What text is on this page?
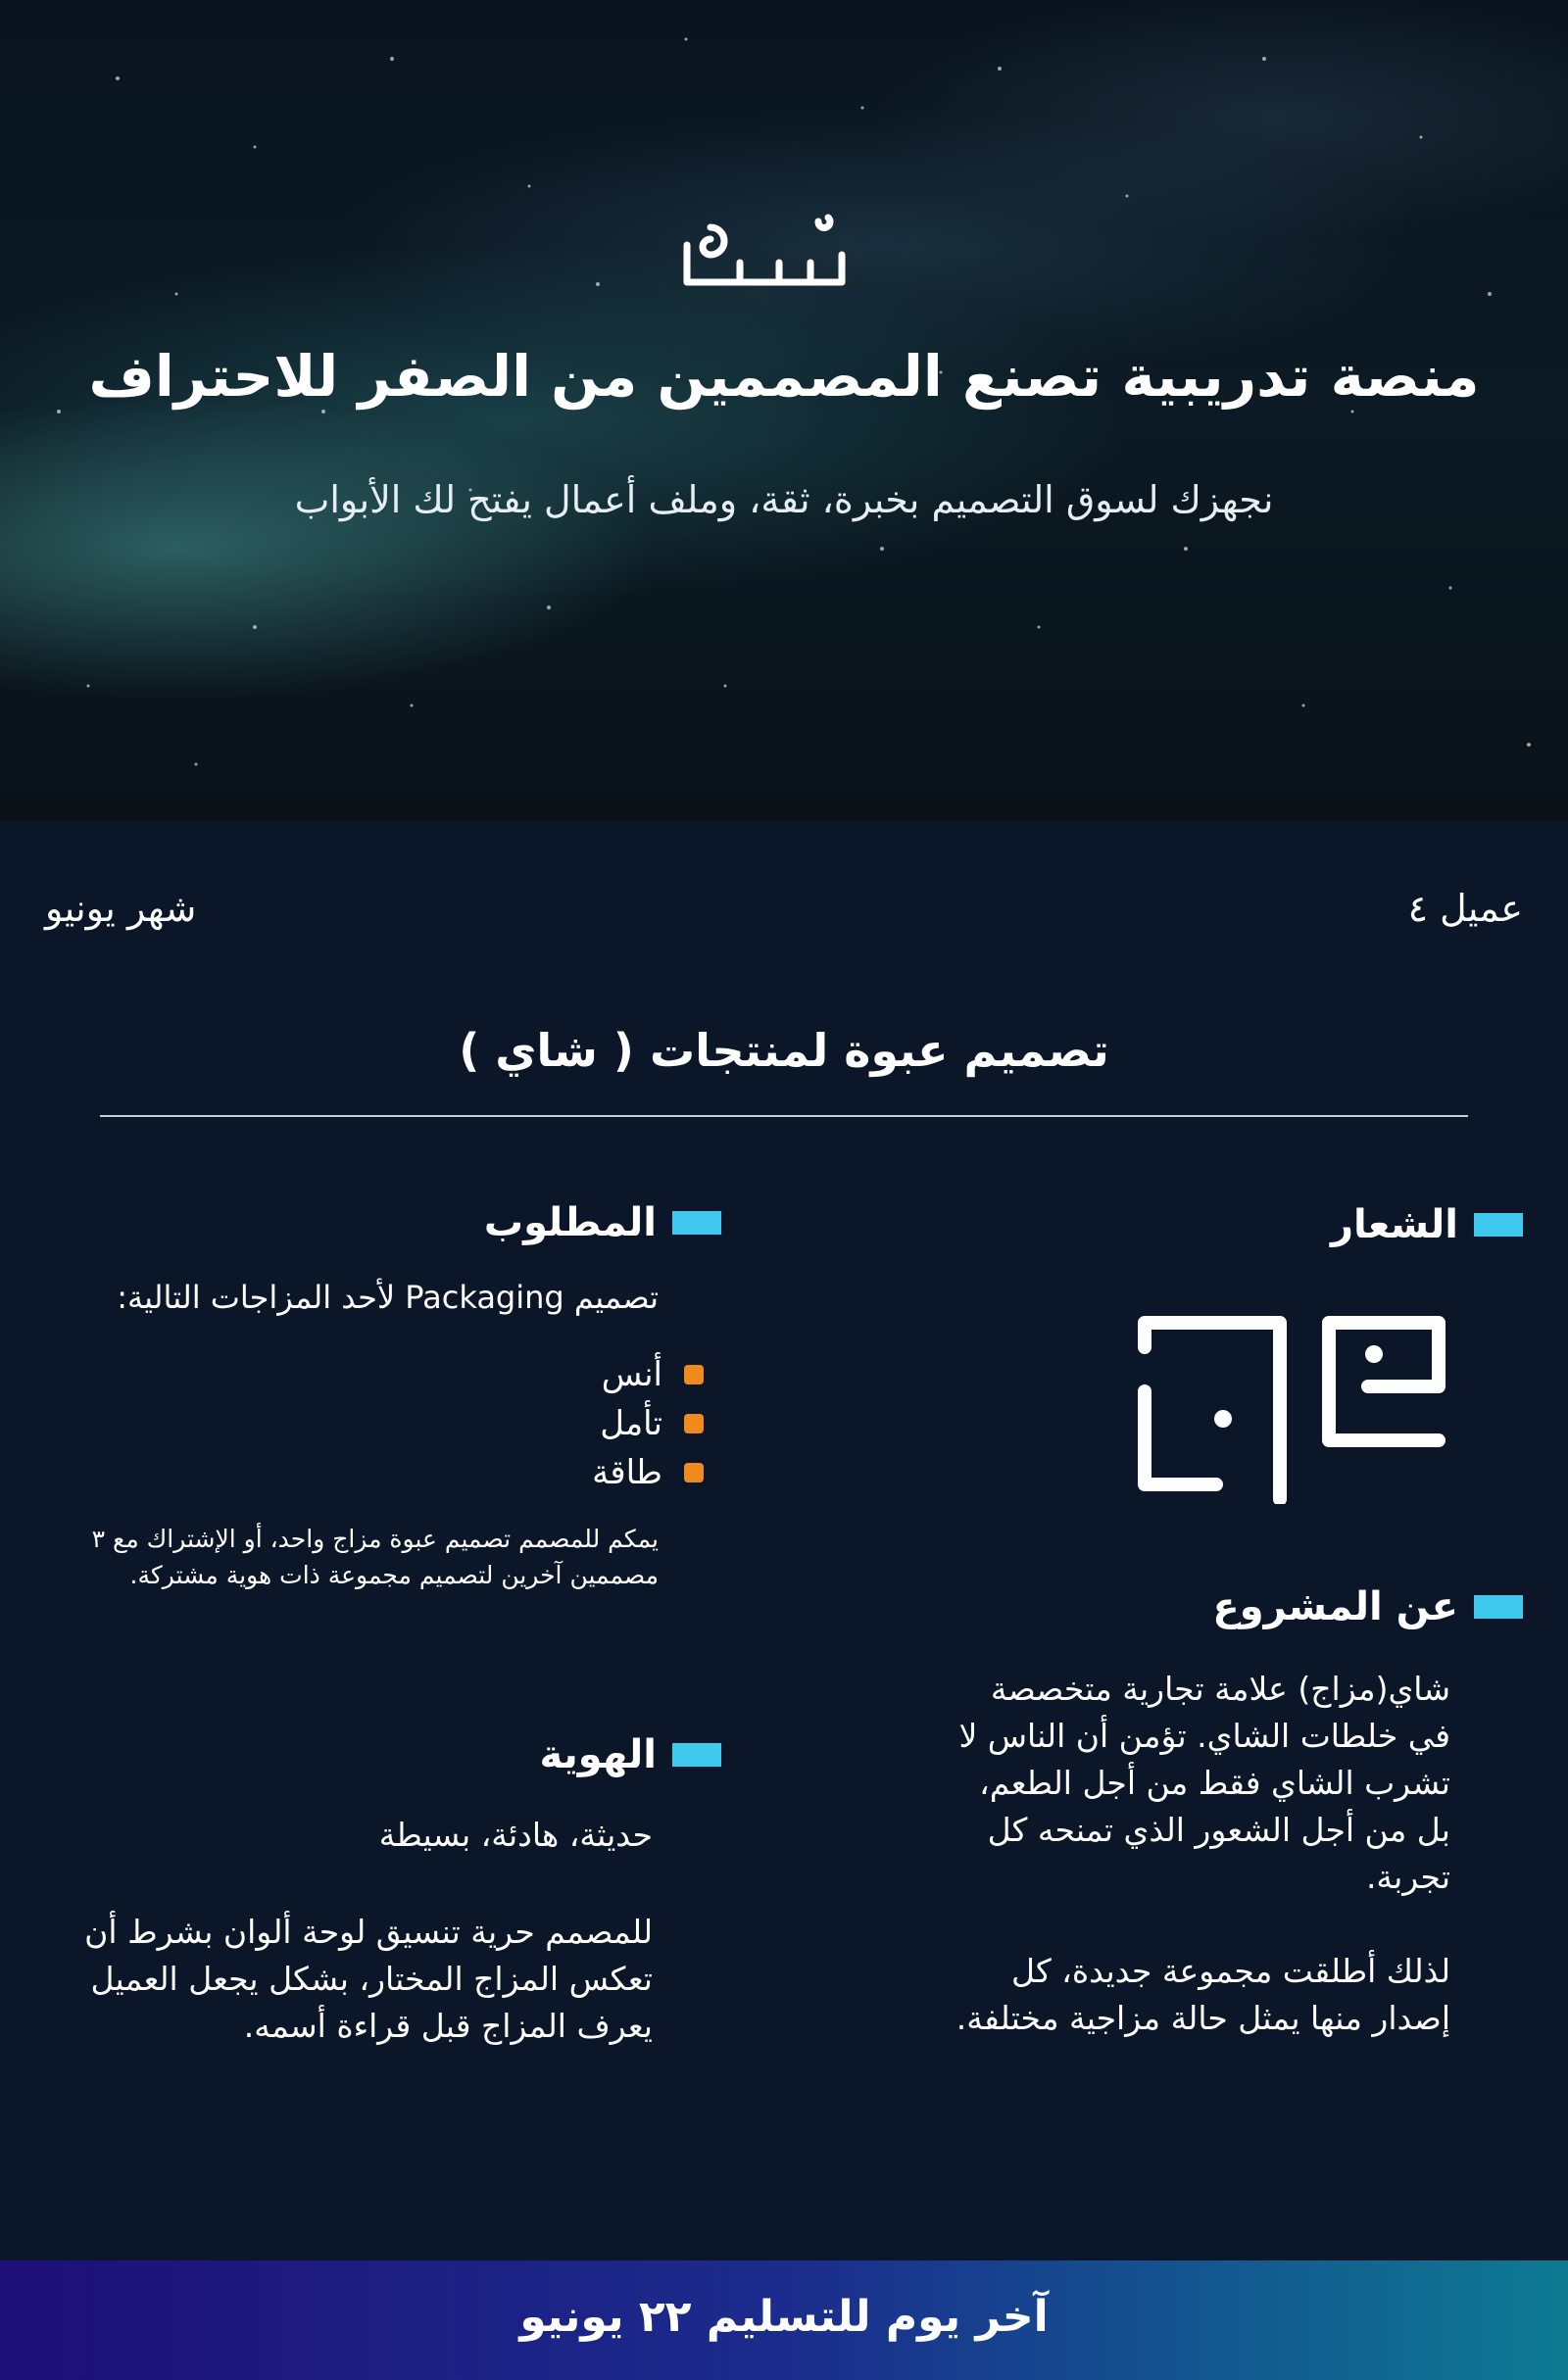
منصة تدريبية تصنع المصممين من الصفر للاحتراف
نجهزك لسوق التصميم بخبرة، ثقة، وملف أعمال يفتح لك الأبواب
عميل ٤
شهر يونيو
تصميم عبوة لمنتجات ( شاي )
الشعار
عن المشروع

شاي(مزاج) علامة تجارية متخصصة في خلطات الشاي. تؤمن أن الناس لا تشرب الشاي فقط من أجل الطعم، بل من أجل الشعور الذي تمنحه كل تجربة.

لذلك أطلقت مجموعة جديدة، كل إصدار منها يمثل حالة مزاجية مختلفة.

المطلوب
تصميم Packaging لأحد المزاجات التالية:
أنس
تأمل
طاقة
يمكم للمصمم تصميم عبوة مزاج واحد، أو الإشتراك مع ٣ مصممين آخرين لتصميم مجموعة ذات هوية مشتركة.
الهوية
حديثة، هادئة، بسيطة
للمصمم حرية تنسيق لوحة ألوان بشرط أن تعكس المزاج المختار، بشكل يجعل العميل يعرف المزاج قبل قراءة أسمه.
آخر يوم للتسليم ٢٢ يونيو
